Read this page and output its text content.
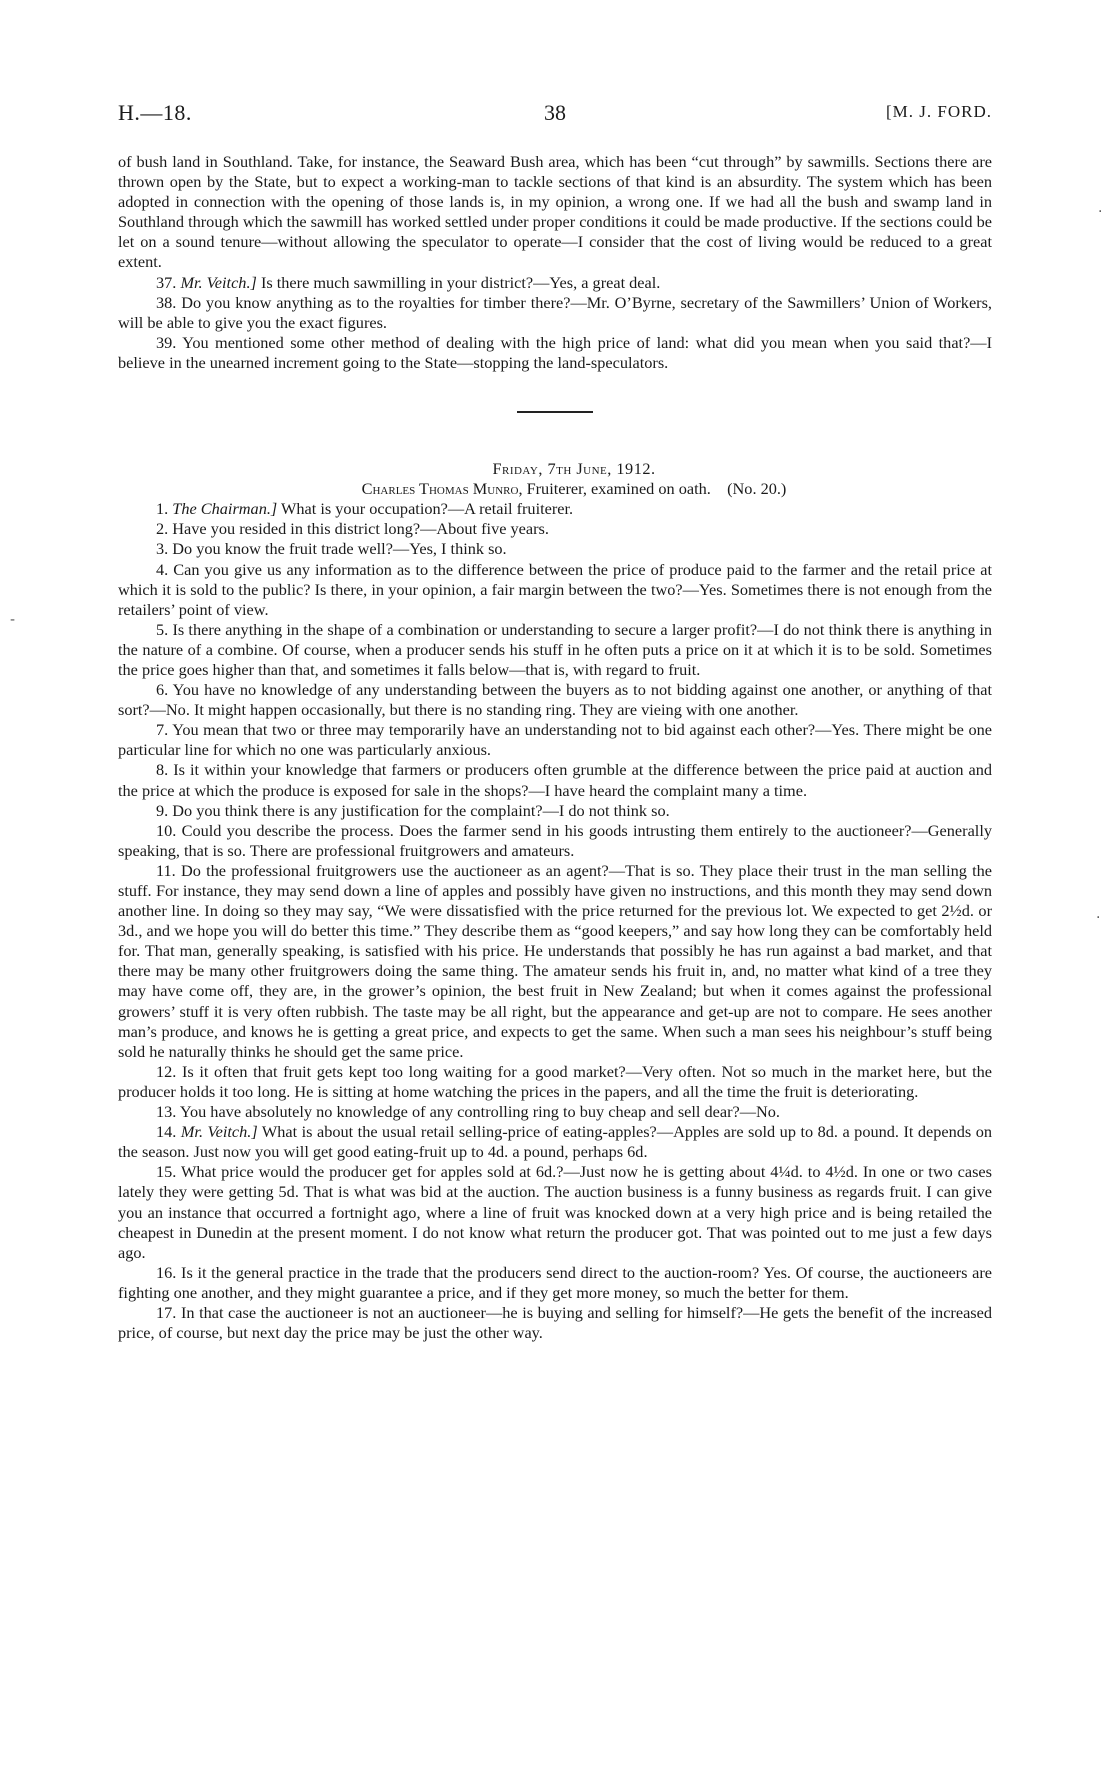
H.—18.	38	[M. J. FORD.

of bush land in Southland. Take, for instance, the Seaward Bush area, which has been “cut through” by sawmills. Sections there are thrown open by the State, but to expect a working-man to tackle sections of that kind is an absurdity. The system which has been adopted in connection with the opening of those lands is, in my opinion, a wrong one. If we had all the bush and swamp land in Southland through which the sawmill has worked settled under proper conditions it could be made productive. If the sections could be let on a sound tenure—without allowing the speculator to operate—I consider that the cost of living would be reduced to a great extent.

37. Mr. Veitch.] Is there much sawmilling in your district?—Yes, a great deal.

38. Do you know anything as to the royalties for timber there?—Mr. O’Byrne, secretary of the Sawmillers’ Union of Workers, will be able to give you the exact figures.

39. You mentioned some other method of dealing with the high price of land: what did you mean when you said that?—I believe in the unearned increment going to the State—stopping the land-speculators.

Friday, 7th June, 1912.

Charles Thomas Munro, Fruiterer, examined on oath. (No. 20.)

1. The Chairman.] What is your occupation?—A retail fruiterer.

2. Have you resided in this district long?—About five years.

3. Do you know the fruit trade well?—Yes, I think so.

4. Can you give us any information as to the difference between the price of produce paid to the farmer and the retail price at which it is sold to the public? Is there, in your opinion, a fair margin between the two?—Yes. Sometimes there is not enough from the retailers’ point of view.

5. Is there anything in the shape of a combination or understanding to secure a larger profit?—I do not think there is anything in the nature of a combine. Of course, when a producer sends his stuff in he often puts a price on it at which it is to be sold. Sometimes the price goes higher than that, and sometimes it falls below—that is, with regard to fruit.

6. You have no knowledge of any understanding between the buyers as to not bidding against one another, or anything of that sort?—No. It might happen occasionally, but there is no standing ring. They are vieing with one another.

7. You mean that two or three may temporarily have an understanding not to bid against each other?—Yes. There might be one particular line for which no one was particularly anxious.

8. Is it within your knowledge that farmers or producers often grumble at the difference between the price paid at auction and the price at which the produce is exposed for sale in the shops?—I have heard the complaint many a time.

9. Do you think there is any justification for the complaint?—I do not think so.

10. Could you describe the process. Does the farmer send in his goods intrusting them entirely to the auctioneer?—Generally speaking, that is so. There are professional fruitgrowers and amateurs.

11. Do the professional fruitgrowers use the auctioneer as an agent?—That is so. They place their trust in the man selling the stuff. For instance, they may send down a line of apples and possibly have given no instructions, and this month they may send down another line. In doing so they may say, “We were dissatisfied with the price returned for the previous lot. We expected to get 2½d. or 3d., and we hope you will do better this time.” They describe them as “good keepers,” and say how long they can be comfortably held for. That man, generally speaking, is satisfied with his price. He understands that possibly he has run against a bad market, and that there may be many other fruitgrowers doing the same thing. The amateur sends his fruit in, and, no matter what kind of a tree they may have come off, they are, in the grower’s opinion, the best fruit in New Zealand; but when it comes against the professional growers’ stuff it is very often rubbish. The taste may be all right, but the appearance and get-up are not to compare. He sees another man’s produce, and knows he is getting a great price, and expects to get the same. When such a man sees his neighbour’s stuff being sold he naturally thinks he should get the same price.

12. Is it often that fruit gets kept too long waiting for a good market?—Very often. Not so much in the market here, but the producer holds it too long. He is sitting at home watching the prices in the papers, and all the time the fruit is deteriorating.

13. You have absolutely no knowledge of any controlling ring to buy cheap and sell dear?—No.

14. Mr. Veitch.] What is about the usual retail selling-price of eating-apples?—Apples are sold up to 8d. a pound. It depends on the season. Just now you will get good eating-fruit up to 4d. a pound, perhaps 6d.

15. What price would the producer get for apples sold at 6d.?—Just now he is getting about 4¼d. to 4½d. In one or two cases lately they were getting 5d. That is what was bid at the auction. The auction business is a funny business as regards fruit. I can give you an instance that occurred a fortnight ago, where a line of fruit was knocked down at a very high price and is being retailed the cheapest in Dunedin at the present moment. I do not know what return the producer got. That was pointed out to me just a few days ago.

16. Is it the general practice in the trade that the producers send direct to the auction-room? Yes. Of course, the auctioneers are fighting one another, and they might guarantee a price, and if they get more money, so much the better for them.

17. In that case the auctioneer is not an auctioneer—he is buying and selling for himself?—He gets the benefit of the increased price, of course, but next day the price may be just the other way.

·
-
·
